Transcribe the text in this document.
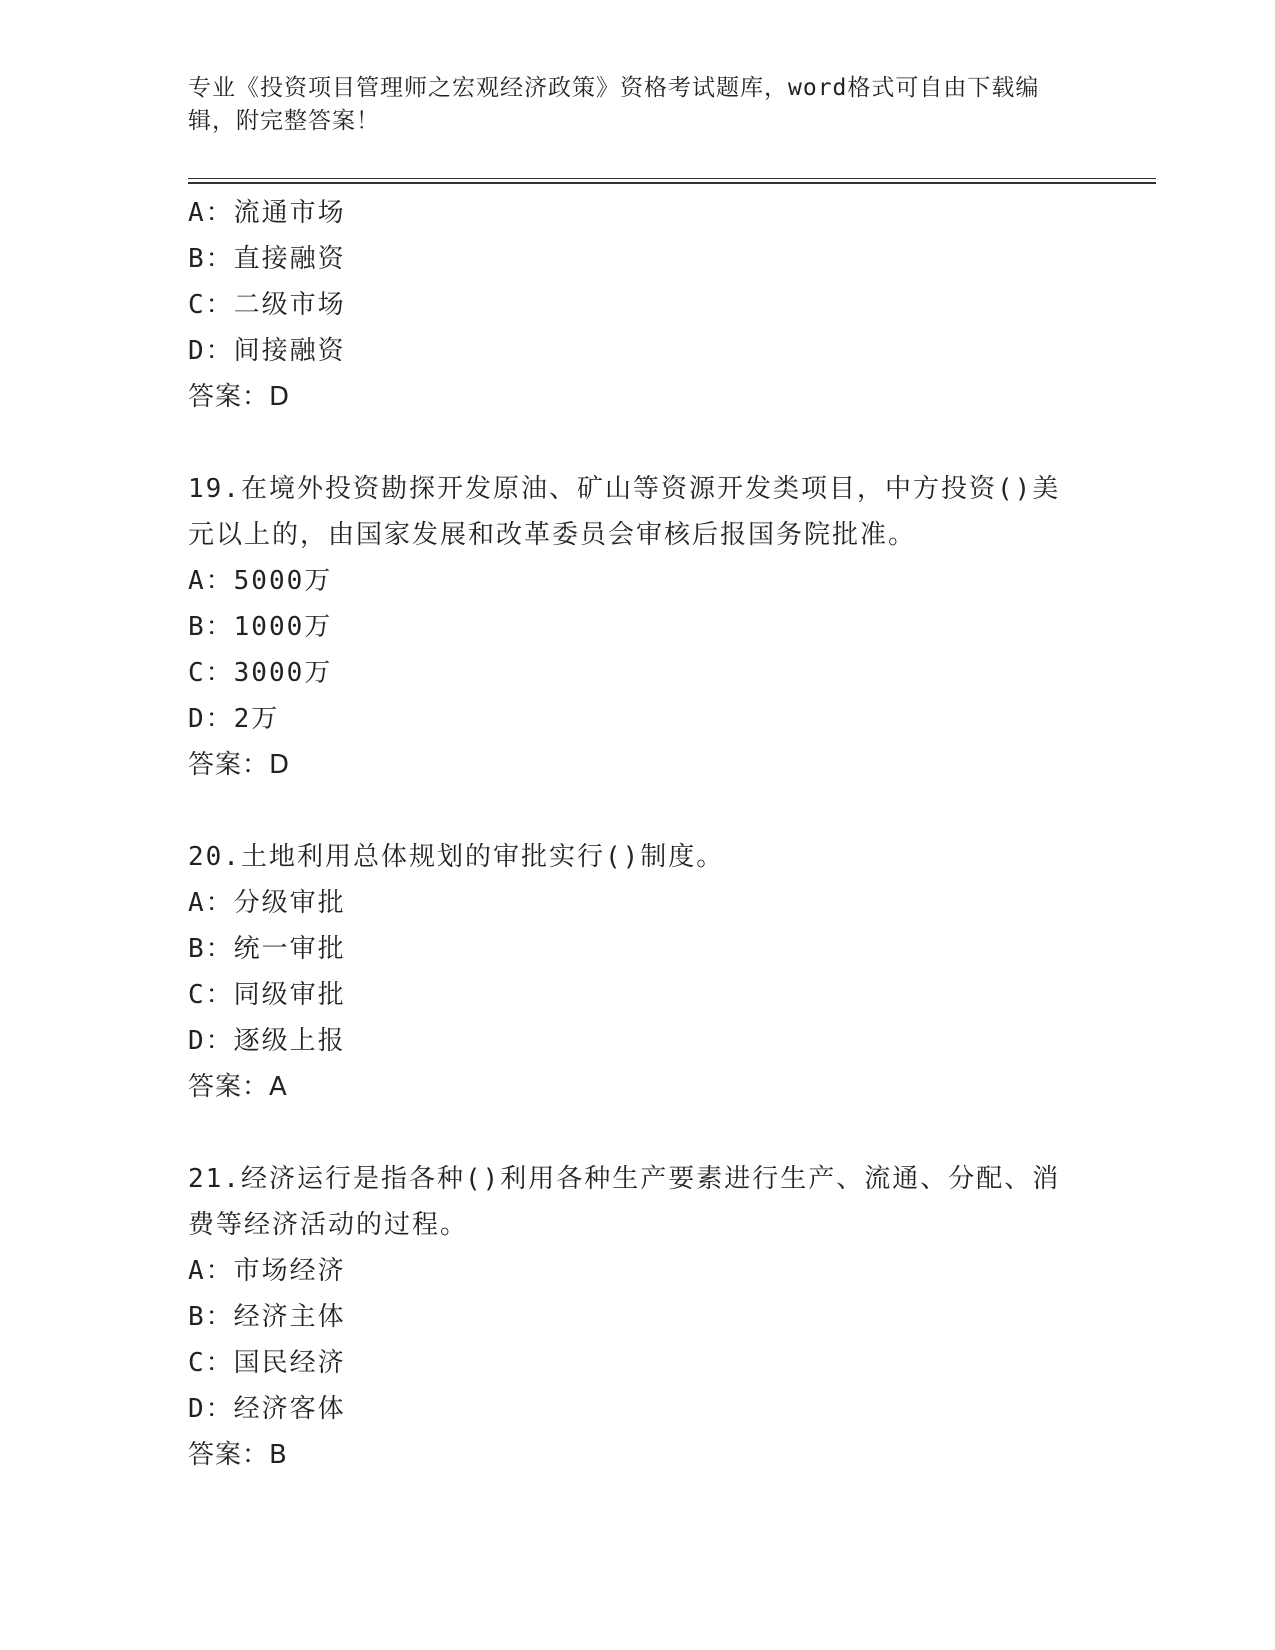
专业《投资项目管理师之宏观经济政策》资格考试题库，word格式可自由下载编
辑，附完整答案！
A：流通市场
B：直接融资
C：二级市场
D：间接融资
答案：D
19.在境外投资勘探开发原油、矿山等资源开发类项目，中方投资()美
元以上的，由国家发展和改革委员会审核后报国务院批准。
A：5000万
B：1000万
C：3000万
D：2万
答案：D
20.土地利用总体规划的审批实行()制度。
A：分级审批
B：统一审批
C：同级审批
D：逐级上报
答案：A
21.经济运行是指各种()利用各种生产要素进行生产、流通、分配、消
费等经济活动的过程。
A：市场经济
B：经济主体
C：国民经济
D：经济客体
答案：B
